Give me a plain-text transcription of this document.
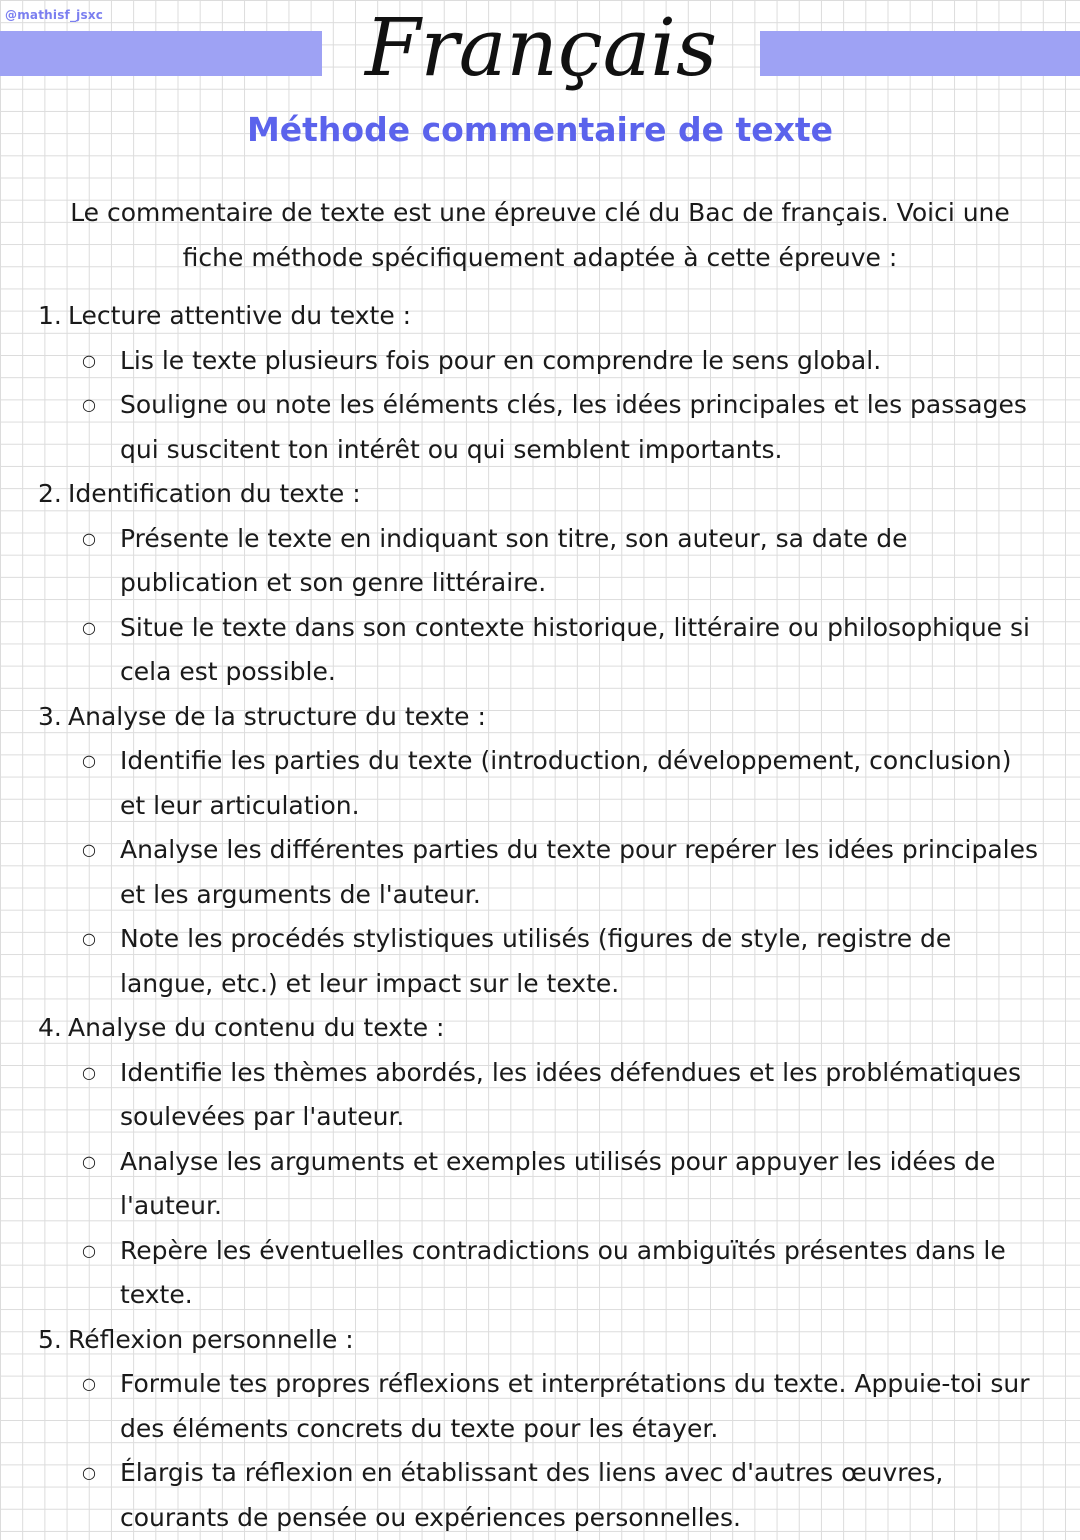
@mathisf_jsxc	Français
Méthode commentaire de texte
Le commentaire de texte est une épreuve clé du Bac de français. Voici une fiche méthode spécifiquement adaptée à cette épreuve :
1. Lecture attentive du texte :
○ Lis le texte plusieurs fois pour en comprendre le sens global.
○ Souligne ou note les éléments clés, les idées principales et les passages qui suscitent ton intérêt ou qui semblent importants.
2. Identification du texte :
○ Présente le texte en indiquant son titre, son auteur, sa date de publication et son genre littéraire.
○ Situe le texte dans son contexte historique, littéraire ou philosophique si cela est possible.
3. Analyse de la structure du texte :
○ Identifie les parties du texte (introduction, développement, conclusion) et leur articulation.
○ Analyse les différentes parties du texte pour repérer les idées principales et les arguments de l'auteur.
○ Note les procédés stylistiques utilisés (figures de style, registre de langue, etc.) et leur impact sur le texte.
4. Analyse du contenu du texte :
○ Identifie les thèmes abordés, les idées défendues et les problématiques soulevées par l'auteur.
○ Analyse les arguments et exemples utilisés pour appuyer les idées de l'auteur.
○ Repère les éventuelles contradictions ou ambiguïtés présentes dans le texte.
5. Réflexion personnelle :
○ Formule tes propres réflexions et interprétations du texte. Appuie-toi sur des éléments concrets du texte pour les étayer.
○ Élargis ta réflexion en établissant des liens avec d'autres œuvres, courants de pensée ou expériences personnelles.
